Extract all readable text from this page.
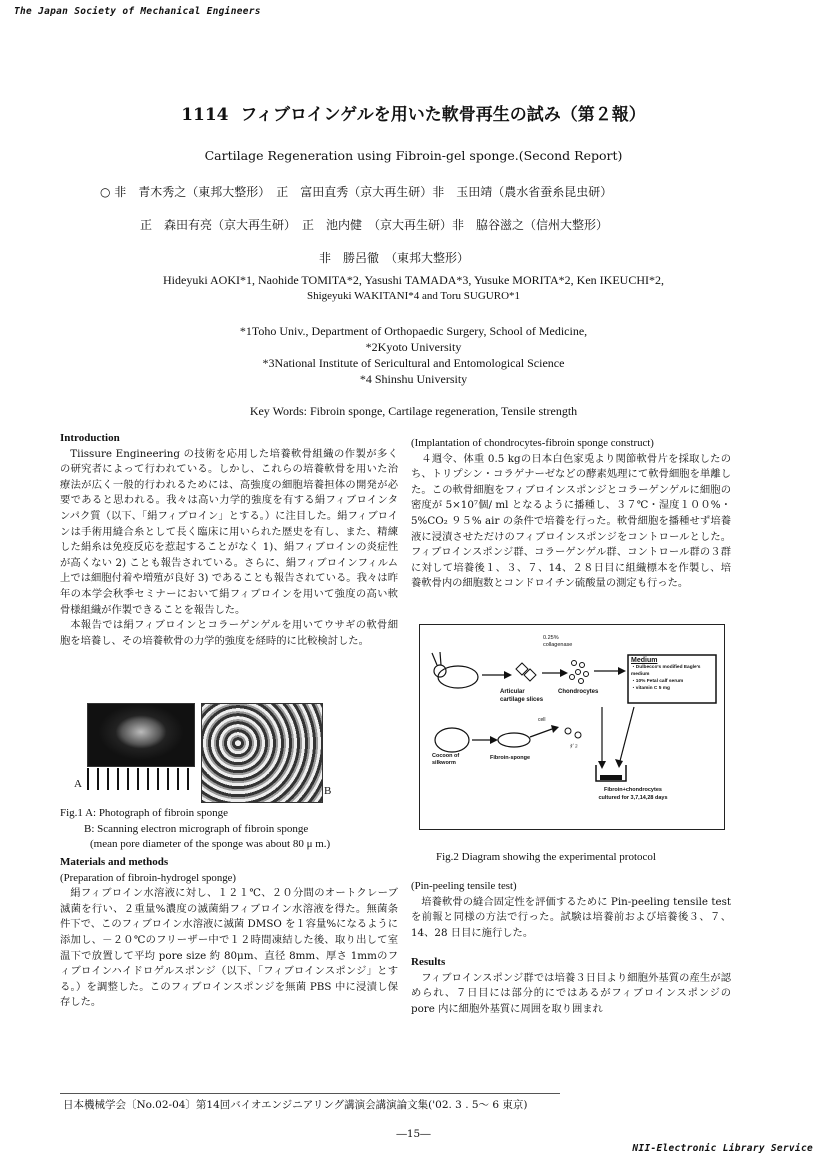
The Japan Society of Mechanical Engineers
1114 フィブロインゲルを用いた軟骨再生の試み（第２報）
Cartilage Regeneration using Fibroin-gel sponge.(Second Report)
○ 非　青木秀之（東邦大整形）　正　富田直秀（京大再生研）非　玉田靖（農水省蚕糸昆虫研）
正　森田有亮（京大再生研）　正　池内健　（京大再生研）非　脇谷滋之（信州大整形）
非　勝呂徹　（東邦大整形）
Hideyuki AOKI*1, Naohide TOMITA*2, Yasushi TAMADA*3, Yusuke MORITA*2, Ken IKEUCHI*2,
Shigeyuki WAKITANI*4 and Toru SUGURO*1
*1Toho Univ., Department of Orthopaedic Surgery, School of Medicine,
*2Kyoto University
*3National Institute of Sericultural and Entomological Science
*4 Shinshu University
Key Words: Fibroin sponge, Cartilage regeneration, Tensile strength

Introduction

Tiissure Engineering の技術を応用した培養軟骨組織の作製が多くの研究者によって行われている。しかし、これらの培養軟骨を用いた治療法が広く一般的行われるためには、高強度の細胞培養担体の開発が必要であると思われる。我々は高い力学的強度を有する絹フィブロインタンパク質（以下、「絹フィブロイン」とする。）に注目した。絹フィブロインは手術用縫合糸として長く臨床に用いられた歴史を有し、また、精練した絹糸は免疫反応を惹起することがなく 1)、絹フィブロインの炎症性が高くない 2) ことも報告されている。さらに、絹フィブロインフィルム上では細胞付着や増殖が良好 3) であることも報告されている。我々は昨年の本学会秋季セミナーにおいて絹フィブロインを用いて強度の高い軟骨様組織が作製できることを報告した。

本報告では絹フィブロインとコラーゲンゲルを用いてウサギの軟骨細胞を培養し、その培養軟骨の力学的強度を経時的に比較検討した。

A
B
Fig.1 A: Photograph of fibroin sponge
B: Scanning electron micrograph of fibroin sponge
(mean pore diameter of the sponge was about 80 μ m.)

Materials and methods

(Preparation of fibroin-hydrogel sponge)

絹フィブロイン水溶液に対し、１２１℃、２０分間のオートクレーブ滅菌を行い、２重量%濃度の滅菌絹フィブロイン水溶液を得た。無菌条件下で、このフィブロイン水溶液に滅菌 DMSO を１容量%になるように添加し、－２０℃のフリーザー中で１２時間凍結した後、取り出して室温下で放置して平均 pore size 約 80μm、直径 8mm、厚さ 1mmのフィブロインハイドロゲルスポンジ（以下、「フィブロインスポンジ」とする。）を調整した。このフィブロインスポンジを無菌 PBS 中に浸漬し保存した。

(Implantation of chondrocytes-fibroin sponge construct)

４週令、体重 0.5 kgの日本白色家兎より関節軟骨片を採取したのち、トリプシン・コラゲナーゼなどの酵素処理にて軟骨細胞を単離した。この軟骨細胞をフィブロインスポンジとコラーゲンゲルに細胞の密度が 5×10⁷個/ ml となるように播種し、３７℃・湿度１００%・5%CO₂ ９５% air の条件で培養を行った。軟骨細胞を播種せず培養液に浸漬させただけのフィブロインスポンジをコントロールとした。フィブロインスポンジ群、コラーゲンゲル群、コントロール群の３群に対して培養後１、３、７、14、２８日目に組織標本を作製し、培養軟骨内の細胞数とコンドロイチン硫酸量の測定も行った。

0.25% collagenase
Articular cartilage slices
Chondrocytes
Medium
・Dulbecco's modified Eagle's medium
・10% Fetal calf serum
・vitamin C 5 mg
Cocoon of silkworm
Fibroin-sponge
cell
ﾀﾞﾖ
Fibroin+chondrocytes cultured for 3,7,14,28 days
Fig.2 Diagram showihg the experimental protocol

(Pin-peeling tensile test)

培養軟骨の縫合固定性を評価するために Pin-peeling tensile test を前報と同様の方法で行った。試験は培養前および培養後３、７、14、28 日目に施行した。

Results

フィブロインスポンジ群では培養３日目より細胞外基質の産生が認められ、７日目には部分的にではあるがフィブロインスポンジの pore 内に細胞外基質に周囲を取り囲まれ

日本機械学会〔No.02-04〕第14回バイオエンジニアリング講演会講演論文集('02. 3 . 5～ 6 東京)
―15―
NII-Electronic Library Service
